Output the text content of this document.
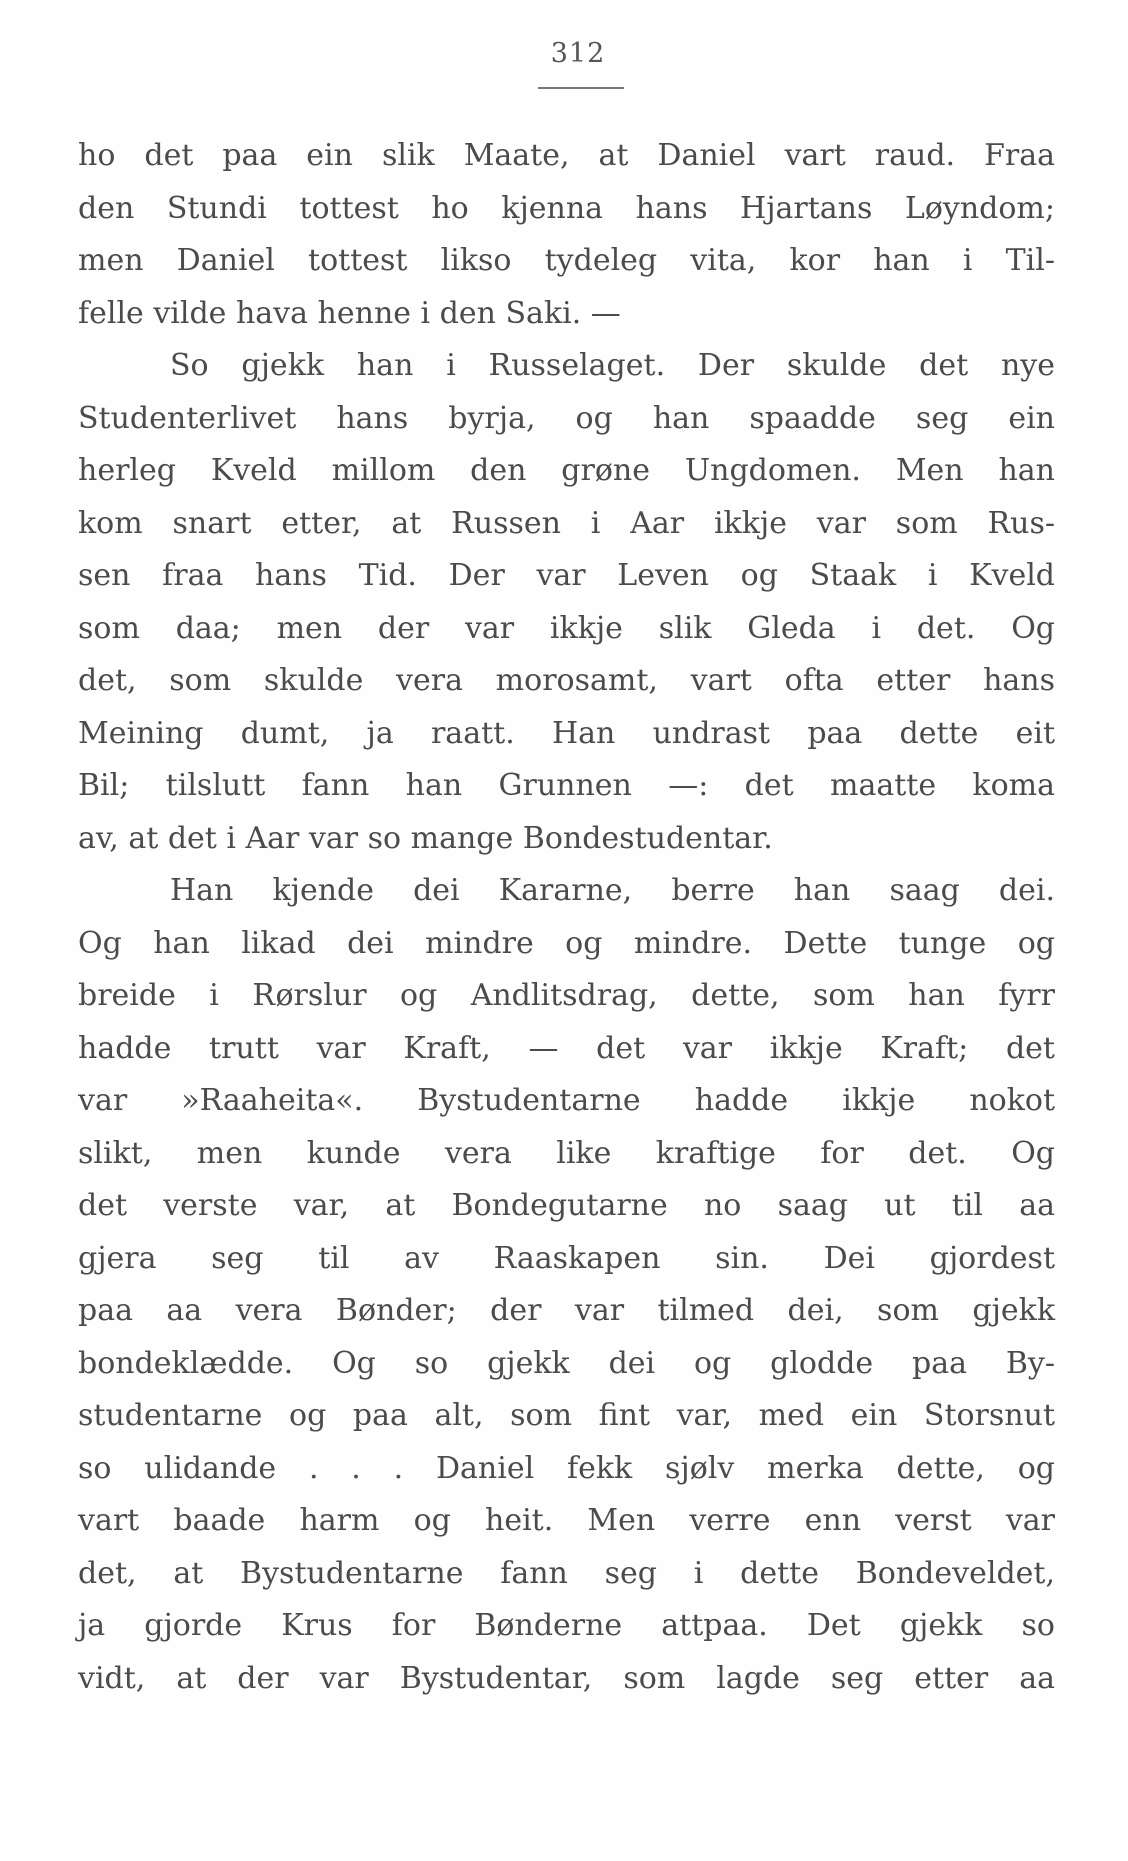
312
ho det paa ein slik Maate, at Daniel vart raud. Fraa
den Stundi tottest ho kjenna hans Hjartans Løyndom;
men Daniel tottest likso tydeleg vita, kor han i Til-
felle vilde hava henne i den Saki. —
So gjekk han i Russelaget. Der skulde det nye
Studenterlivet hans byrja, og han spaadde seg ein
herleg Kveld millom den grøne Ungdomen. Men han
kom snart etter, at Russen i Aar ikkje var som Rus-
sen fraa hans Tid. Der var Leven og Staak i Kveld
som daa; men der var ikkje slik Gleda i det. Og
det, som skulde vera morosamt, vart ofta etter hans
Meining dumt, ja raatt. Han undrast paa dette eit
Bil; tilslutt fann han Grunnen —: det maatte koma
av, at det i Aar var so mange Bondestudentar.
Han kjende dei Kararne, berre han saag dei.
Og han likad dei mindre og mindre. Dette tunge og
breide i Rørslur og Andlitsdrag, dette, som han fyrr
hadde trutt var Kraft, — det var ikkje Kraft; det
var »Raaheita«. Bystudentarne hadde ikkje nokot
slikt, men kunde vera like kraftige for det. Og
det verste var, at Bondegutarne no saag ut til aa
gjera seg til av Raaskapen sin. Dei gjordest
paa aa vera Bønder; der var tilmed dei, som gjekk
bondeklædde. Og so gjekk dei og glodde paa By-
studentarne og paa alt, som fint var, med ein Storsnut
so ulidande . . . Daniel fekk sjølv merka dette, og
vart baade harm og heit. Men verre enn verst var
det, at Bystudentarne fann seg i dette Bondeveldet,
ja gjorde Krus for Bønderne attpaa. Det gjekk so
vidt, at der var Bystudentar, som lagde seg etter aa
